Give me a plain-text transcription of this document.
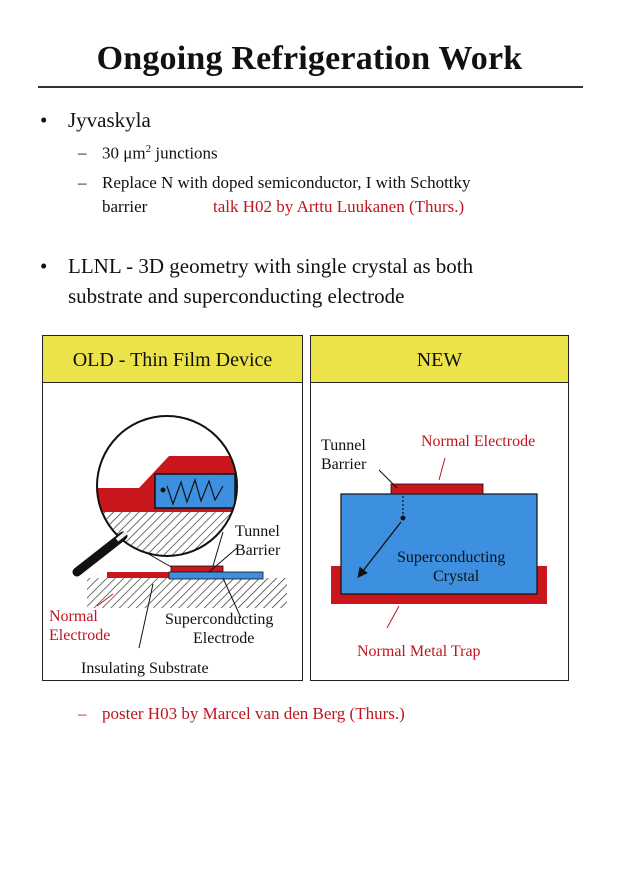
Ongoing Refrigeration Work
• Jyvaskyla
– 30 $\mu m^2$ junctions
– Replace N with doped semiconductor, I with Schottky
barrier	talk H02 by Arttu Luukanen (Thurs.)
• LLNL - 3D geometry with single crystal as both
substrate and superconducting electrode
OLD - Thin Film Device
Tunnel
Barrier
Normal
Electrode
Superconducting
Electrode
Insulating Substrate
NEW
Tunnel
Barrier
Normal Electrode
Superconducting
Crystal
Normal Metal Trap
– poster H03 by Marcel van den Berg (Thurs.)
